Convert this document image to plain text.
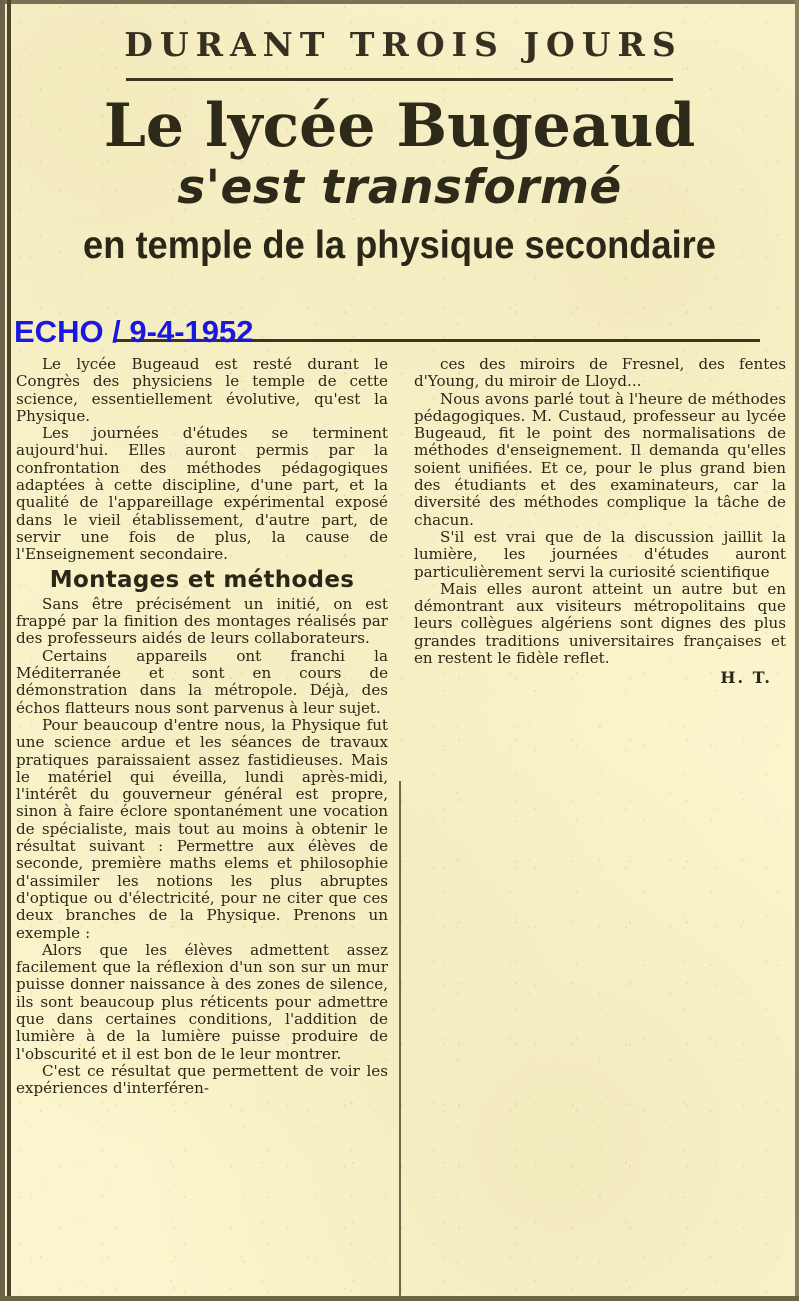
DURANT TROIS JOURS
Le lycée Bugeaud
s'est transformé
en temple de la physique secondaire
ECHO / 9-4-1952

Le lycée Bugeaud est resté durant le Congrès des physiciens le temple de cette science, essentiellement évolutive, qu'est la Physique.

Les journées d'études se terminent aujourd'hui. Elles auront permis par la confrontation des méthodes pédagogiques adaptées à cette discipline, d'une part, et la qualité de l'appareillage expérimental exposé dans le vieil établissement, d'autre part, de servir une fois de plus, la cause de l'Enseignement secondaire.

Montages et méthodes

Sans être précisément un initié, on est frappé par la finition des montages réalisés par des professeurs aidés de leurs collaborateurs.

Certains appareils ont franchi la Méditerranée et sont en cours de démonstration dans la métropole. Déjà, des échos flatteurs nous sont parvenus à leur sujet.

Pour beaucoup d'entre nous, la Physique fut une science ardue et les séances de travaux pratiques paraissaient assez fastidieuses. Mais le matériel qui éveilla, lundi après-midi, l'intérêt du gouverneur général est propre, sinon à faire éclore spontanément une vocation de spécialiste, mais tout au moins à obtenir le résultat suivant : Permettre aux élèves de seconde, première maths elems et philosophie d'assimiler les notions les plus abruptes d'optique ou d'électricité, pour ne citer que ces deux branches de la Physique. Prenons un exemple :

Alors que les élèves admettent assez facilement que la réflexion d'un son sur un mur puisse donner naissance à des zones de silence, ils sont beaucoup plus réticents pour admettre que dans certaines conditions, l'addition de lumière à de la lumière puisse produire de l'obscurité et il est bon de le leur montrer.

C'est ce résultat que permettent de voir les expériences d'interféren-

ces des miroirs de Fresnel, des fentes d'Young, du miroir de Lloyd...

Nous avons parlé tout à l'heure de méthodes pédagogiques. M. Custaud, professeur au lycée Bugeaud, fit le point des normalisations de méthodes d'enseignement. Il demanda qu'elles soient unifiées. Et ce, pour le plus grand bien des étudiants et des examinateurs, car la diversité des méthodes complique la tâche de chacun.

S'il est vrai que de la discussion jaillit la lumière, les journées d'études auront particulièrement servi la curiosité scientifique

Mais elles auront atteint un autre but en démontrant aux visiteurs métropolitains que leurs collègues algériens sont dignes des plus grandes traditions universitaires françaises et en restent le fidèle reflet.

H. T.
